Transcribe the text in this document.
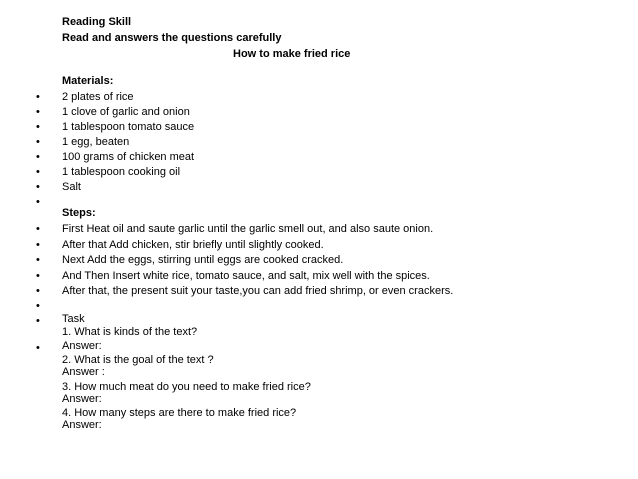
Reading Skill
Read and answers the questions carefully
How to make fried rice
Materials:
• 2 plates of rice
• 1 clove of garlic and onion
• 1 tablespoon tomato sauce
• 1 egg, beaten
• 100 grams of chicken meat
• 1 tablespoon cooking oil
• Salt
•
Steps:
• First Heat oil and saute garlic until the garlic smell out, and also saute onion.
• After that Add chicken, stir briefly until slightly cooked.
• Next Add the eggs, stirring until eggs are cooked cracked.
• And Then Insert white rice, tomato sauce, and salt, mix well with the spices.
• After that, the present suit your taste,you can add fried shrimp, or even crackers.
•
• Task
1. What is kinds of the text?
• Answer:
2. What is the goal of the text ?
Answer :
3. How much meat do you need to make fried rice?
Answer:
4. How many steps are there to make fried rice?
Answer:
